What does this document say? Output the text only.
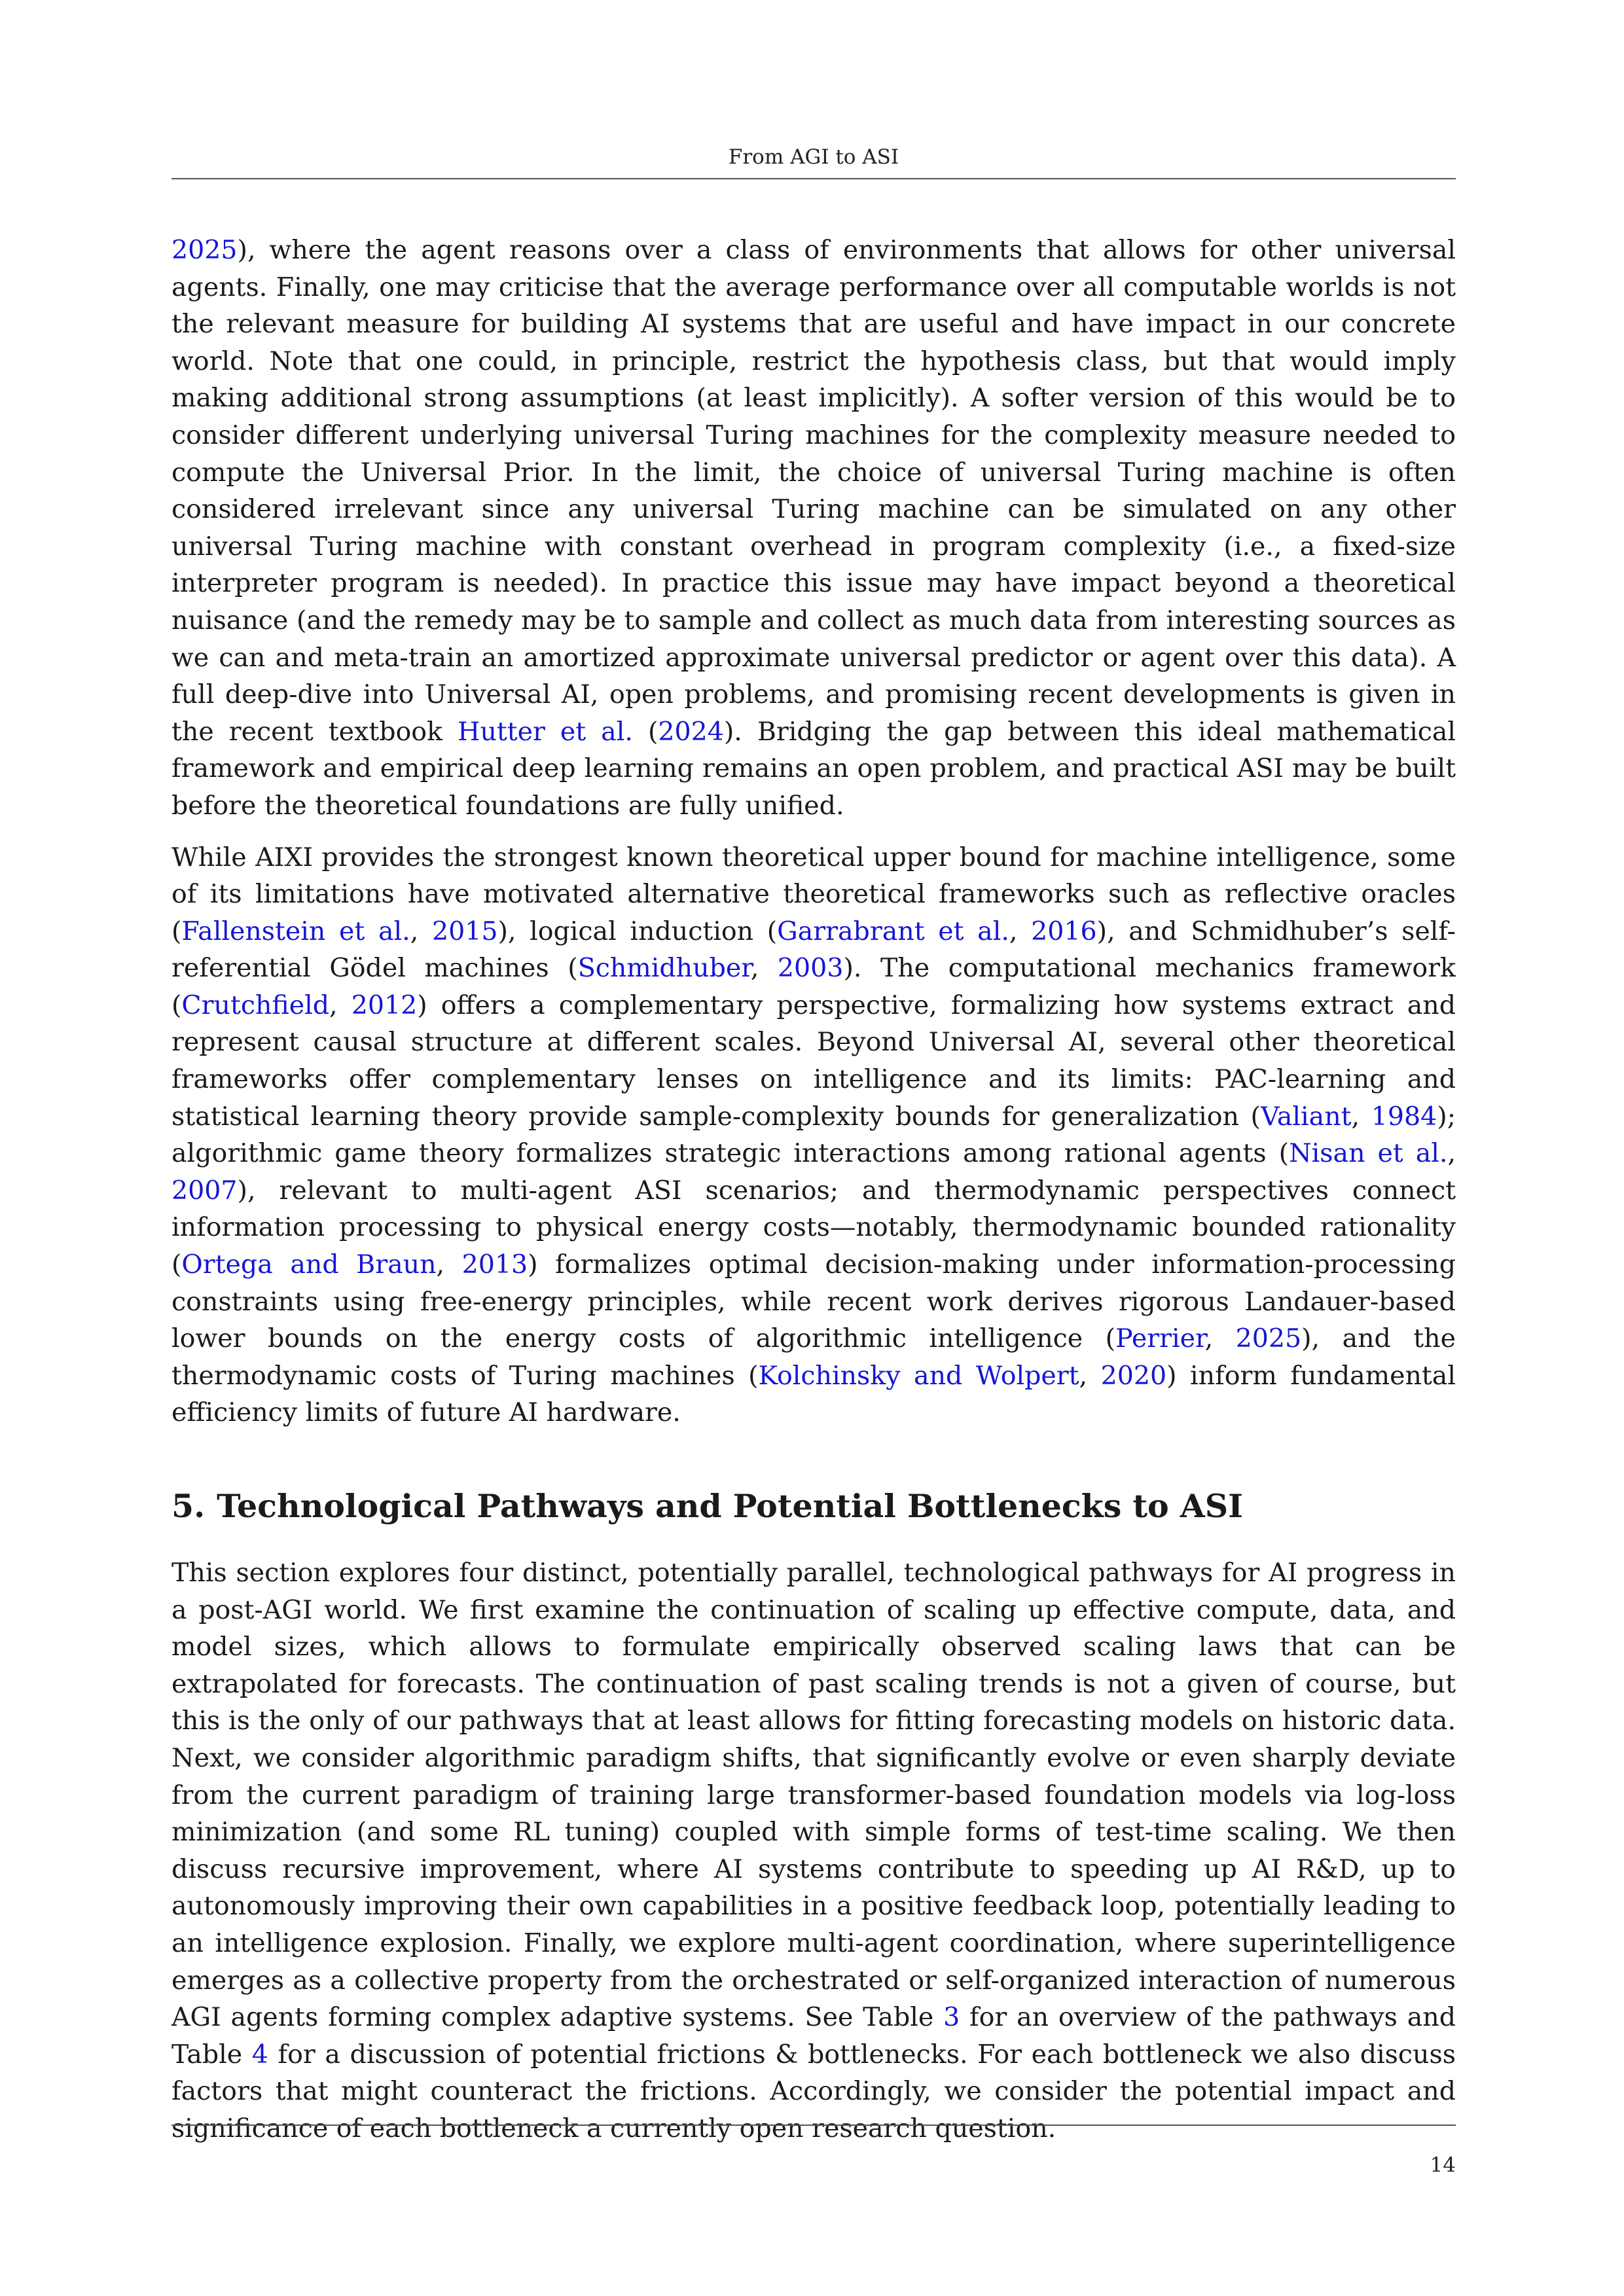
From AGI to ASI

2025), where the agent reasons over a class of environments that allows for other universal agents. Finally, one may criticise that the average performance over all computable worlds is not the relevant measure for building AI systems that are useful and have impact in our concrete world. Note that one could, in principle, restrict the hypothesis class, but that would imply making additional strong assumptions (at least implicitly). A softer version of this would be to consider different underlying universal Turing machines for the complexity measure needed to compute the Universal Prior. In the limit, the choice of universal Turing machine is often considered irrelevant since any universal Turing machine can be simulated on any other universal Turing machine with constant overhead in program complexity (i.e., a fixed-size interpreter program is needed). In practice this issue may have impact beyond a theoretical nuisance (and the remedy may be to sample and collect as much data from interesting sources as we can and meta-train an amortized approximate universal predictor or agent over this data). A full deep-dive into Universal AI, open problems, and promising recent developments is given in the recent textbook Hutter et al. (2024). Bridging the gap between this ideal mathematical framework and empirical deep learning remains an open problem, and practical ASI may be built before the theoretical foundations are fully unified.

While AIXI provides the strongest known theoretical upper bound for machine intelligence, some of its limitations have motivated alternative theoretical frameworks such as reflective oracles (Fallenstein et al., 2015), logical induction (Garrabrant et al., 2016), and Schmidhuber’s self-referential Gödel machines (Schmidhuber, 2003). The computational mechanics framework (Crutchfield, 2012) offers a complementary perspective, formalizing how systems extract and represent causal structure at different scales. Beyond Universal AI, several other theoretical frameworks offer complementary lenses on intelligence and its limits: PAC-learning and statistical learning theory provide sample-complexity bounds for generalization (Valiant, 1984); algorithmic game theory formalizes strategic interactions among rational agents (Nisan et al., 2007), relevant to multi-agent ASI scenarios; and thermodynamic perspectives connect information processing to physical energy costs—notably, thermodynamic bounded rationality (Ortega and Braun, 2013) formalizes optimal decision-making under information-processing constraints using free-energy principles, while recent work derives rigorous Landauer-based lower bounds on the energy costs of algorithmic intelligence (Perrier, 2025), and the thermodynamic costs of Turing machines (Kolchinsky and Wolpert, 2020) inform fundamental efficiency limits of future AI hardware.

5. Technological Pathways and Potential Bottlenecks to ASI

This section explores four distinct, potentially parallel, technological pathways for AI progress in a post-AGI world. We first examine the continuation of scaling up effective compute, data, and model sizes, which allows to formulate empirically observed scaling laws that can be extrapolated for forecasts. The continuation of past scaling trends is not a given of course, but this is the only of our pathways that at least allows for fitting forecasting models on historic data. Next, we consider algorithmic paradigm shifts, that significantly evolve or even sharply deviate from the current paradigm of training large transformer-based foundation models via log-loss minimization (and some RL tuning) coupled with simple forms of test-time scaling. We then discuss recursive improvement, where AI systems contribute to speeding up AI R&D, up to autonomously improving their own capabilities in a positive feedback loop, potentially leading to an intelligence explosion. Finally, we explore multi-agent coordination, where superintelligence emerges as a collective property from the orchestrated or self-organized interaction of numerous AGI agents forming complex adaptive systems. See Table 3 for an overview of the pathways and Table 4 for a discussion of potential frictions & bottlenecks. For each bottleneck we also discuss factors that might counteract the frictions. Accordingly, we consider the potential impact and significance of each bottleneck a currently open research question.

14
